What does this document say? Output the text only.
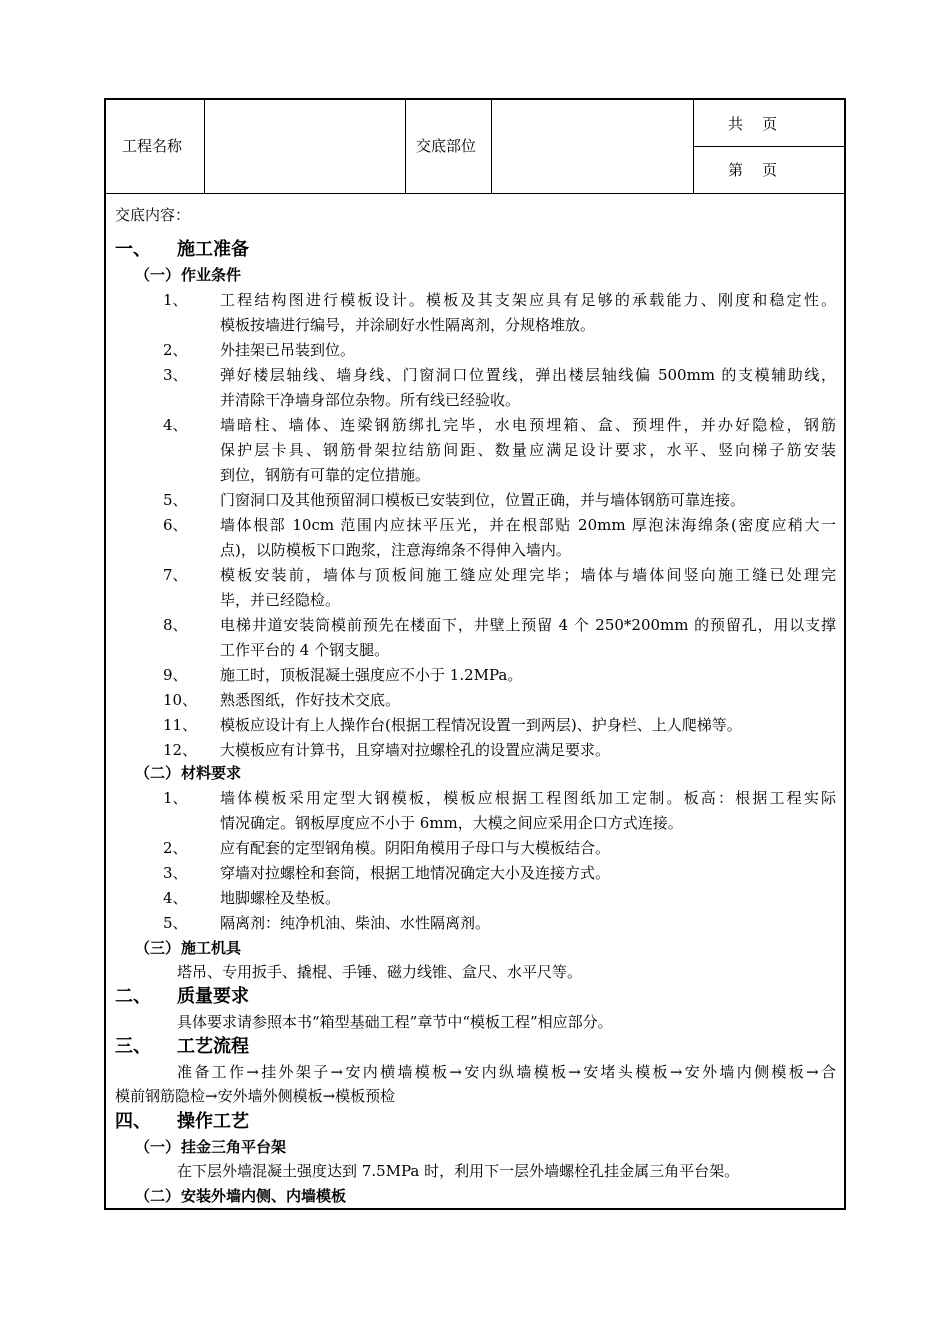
工程名称	交底部位
共    页
第    页
交底内容：
一、 施工准备
（一） 作业条件
1、 工程结构图进行模板设计。模板及其支架应具有足够的承载能力、刚度和稳定性。
模板按墙进行编号，并涂刷好水性隔离剂，分规格堆放。
2、 外挂架已吊装到位。
3、 弹好楼层轴线、墙身线、门窗洞口位置线，弹出楼层轴线偏 500mm 的支模辅助线，
并清除干净墙身部位杂物。所有线已经验收。
4、 墙暗柱、墙体、连梁钢筋绑扎完毕，水电预埋箱、盒、预埋件，并办好隐检，钢筋
保护层卡具、钢筋骨架拉结筋间距、数量应满足设计要求，水平、竖向梯子筋安装
到位，钢筋有可靠的定位措施。
5、 门窗洞口及其他预留洞口模板已安装到位，位置正确，并与墙体钢筋可靠连接。
6、 墙体根部 10cm 范围内应抹平压光，并在根部贴 20mm 厚泡沫海绵条(密度应稍大一
点)，以防模板下口跑浆，注意海绵条不得伸入墙内。
7、 模板安装前，墙体与顶板间施工缝应处理完毕；墙体与墙体间竖向施工缝已处理完
毕，并已经隐检。
8、 电梯井道安装筒模前预先在楼面下，井壁上预留 4 个 250*200mm 的预留孔，用以支撑
工作平台的 4 个钢支腿。
9、 施工时，顶板混凝土强度应不小于 1.2MPa。
10、 熟悉图纸，作好技术交底。
11、 模板应设计有上人操作台(根据工程情况设置一到两层)、护身栏、上人爬梯等。
12、 大模板应有计算书，且穿墙对拉螺栓孔的设置应满足要求。
（二） 材料要求
1、 墙体模板采用定型大钢模板，模板应根据工程图纸加工定制。板高：根据工程实际
情况确定。钢板厚度应不小于 6mm，大模之间应采用企口方式连接。
2、 应有配套的定型钢角模。阴阳角模用子母口与大模板结合。
3、 穿墙对拉螺栓和套筒，根据工地情况确定大小及连接方式。
4、 地脚螺栓及垫板。
5、 隔离剂：纯净机油、柴油、水性隔离剂。
（三） 施工机具
塔吊、专用扳手、撬棍、手锤、磁力线锥、盒尺、水平尺等。
二、 质量要求
具体要求请参照本书“箱型基础工程”章节中“模板工程”相应部分。
三、 工艺流程
准备工作→挂外架子→安内横墙模板→安内纵墙模板→安堵头模板→安外墙内侧模板→合
模前钢筋隐检→安外墙外侧模板→模板预检
四、 操作工艺
（一） 挂金三角平台架
在下层外墙混凝土强度达到 7.5MPa 时，利用下一层外墙螺栓孔挂金属三角平台架。
（二） 安装外墙内侧、内墙模板
